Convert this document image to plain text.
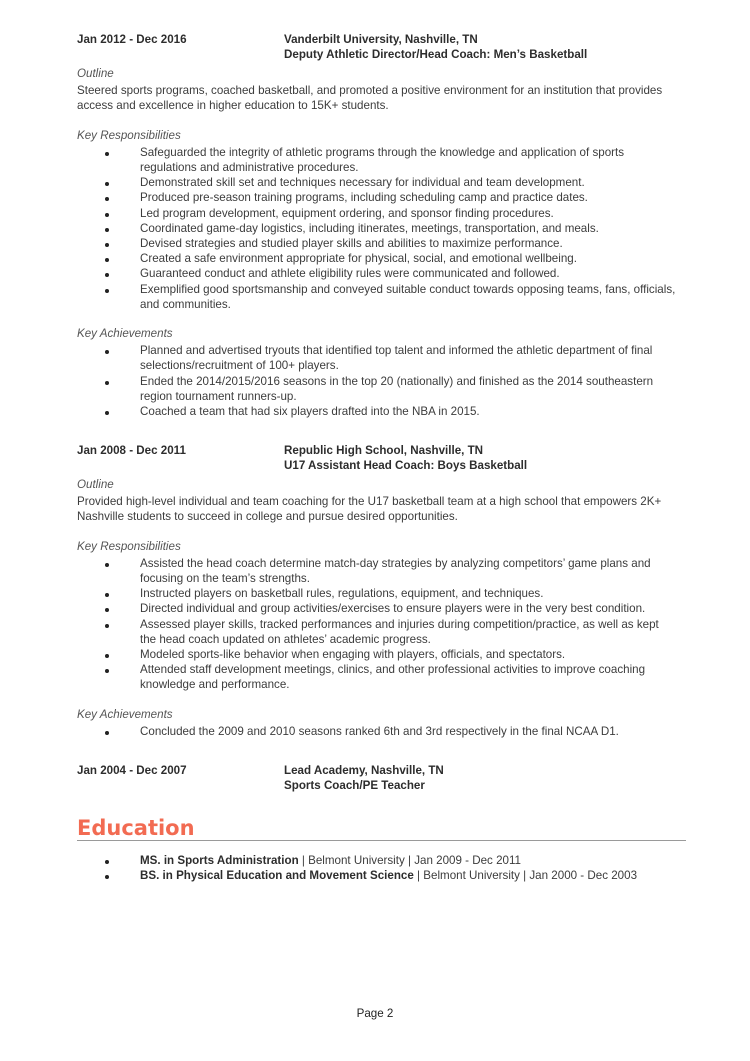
Jan 2012 - Dec 2016	Vanderbilt University, Nashville, TN
Deputy Athletic Director/Head Coach: Men’s Basketball

Outline

Steered sports programs, coached basketball, and promoted a positive environment for an institution that provides access and excellence in higher education to 15K+ students.

Key Responsibilities

Safeguarded the integrity of athletic programs through the knowledge and application of sports regulations and administrative procedures.
Demonstrated skill set and techniques necessary for individual and team development.
Produced pre-season training programs, including scheduling camp and practice dates.
Led program development, equipment ordering, and sponsor finding procedures.
Coordinated game-day logistics, including itinerates, meetings, transportation, and meals.
Devised strategies and studied player skills and abilities to maximize performance.
Created a safe environment appropriate for physical, social, and emotional wellbeing.
Guaranteed conduct and athlete eligibility rules were communicated and followed.
Exemplified good sportsmanship and conveyed suitable conduct towards opposing teams, fans, officials, and communities.

Key Achievements

Planned and advertised tryouts that identified top talent and informed the athletic department of final selections/recruitment of 100+ players.
Ended the 2014/2015/2016 seasons in the top 20 (nationally) and finished as the 2014 southeastern region tournament runners-up.
Coached a team that had six players drafted into the NBA in 2015.
Jan 2008 - Dec 2011	Republic High School, Nashville, TN
U17 Assistant Head Coach: Boys Basketball

Outline

Provided high-level individual and team coaching for the U17 basketball team at a high school that empowers 2K+ Nashville students to succeed in college and pursue desired opportunities.

Key Responsibilities

Assisted the head coach determine match-day strategies by analyzing competitors’ game plans and focusing on the team’s strengths.
Instructed players on basketball rules, regulations, equipment, and techniques.
Directed individual and group activities/exercises to ensure players were in the very best condition.
Assessed player skills, tracked performances and injuries during competition/practice, as well as kept the head coach updated on athletes’ academic progress.
Modeled sports-like behavior when engaging with players, officials, and spectators.
Attended staff development meetings, clinics, and other professional activities to improve coaching knowledge and performance.

Key Achievements

Concluded the 2009 and 2010 seasons ranked 6th and 3rd respectively in the final NCAA D1.
Jan 2004 - Dec 2007	Lead Academy, Nashville, TN
Sports Coach/PE Teacher
Education
MS. in Sports Administration | Belmont University | Jan 2009 - Dec 2011
BS. in Physical Education and Movement Science | Belmont University | Jan 2000 - Dec 2003
Page 2
